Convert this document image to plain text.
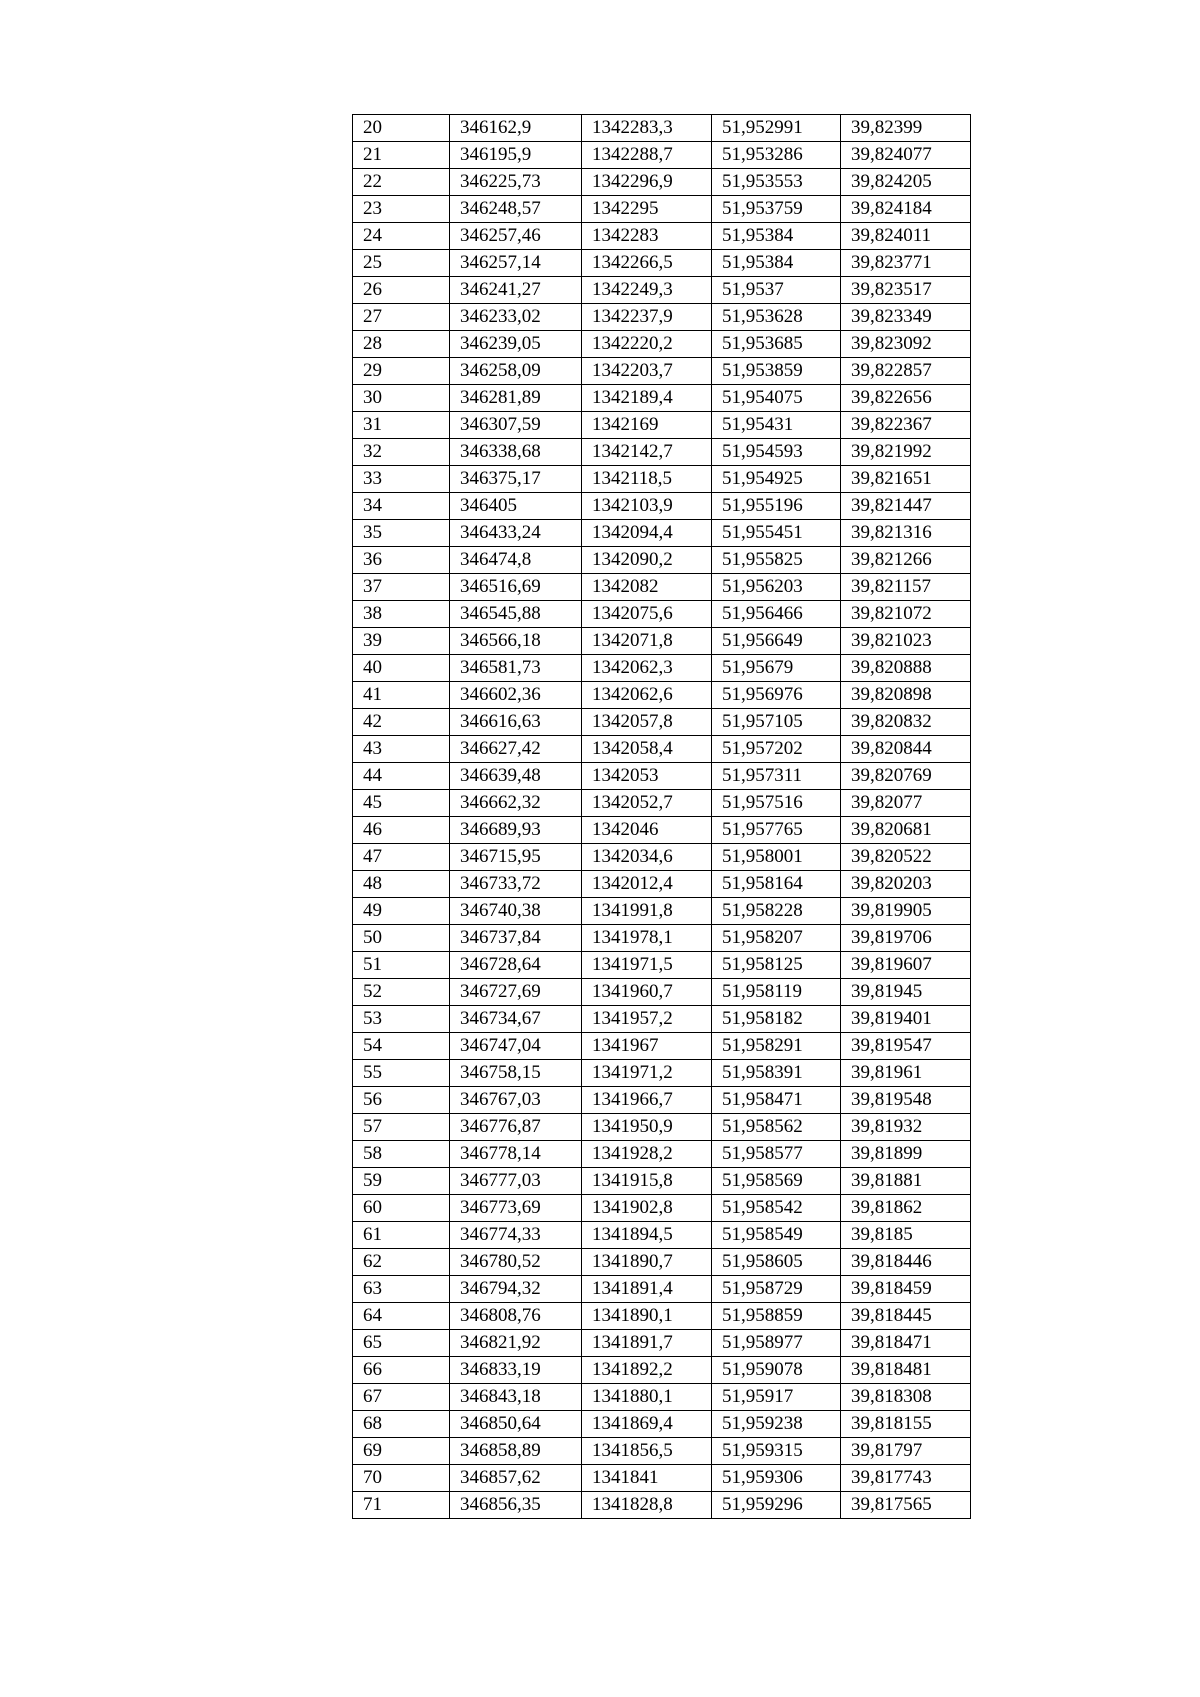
20	346162,9	1342283,3	51,952991	39,82399
21	346195,9	1342288,7	51,953286	39,824077
22	346225,73	1342296,9	51,953553	39,824205
23	346248,57	1342295	51,953759	39,824184
24	346257,46	1342283	51,95384	39,824011
25	346257,14	1342266,5	51,95384	39,823771
26	346241,27	1342249,3	51,9537	39,823517
27	346233,02	1342237,9	51,953628	39,823349
28	346239,05	1342220,2	51,953685	39,823092
29	346258,09	1342203,7	51,953859	39,822857
30	346281,89	1342189,4	51,954075	39,822656
31	346307,59	1342169	51,95431	39,822367
32	346338,68	1342142,7	51,954593	39,821992
33	346375,17	1342118,5	51,954925	39,821651
34	346405	1342103,9	51,955196	39,821447
35	346433,24	1342094,4	51,955451	39,821316
36	346474,8	1342090,2	51,955825	39,821266
37	346516,69	1342082	51,956203	39,821157
38	346545,88	1342075,6	51,956466	39,821072
39	346566,18	1342071,8	51,956649	39,821023
40	346581,73	1342062,3	51,95679	39,820888
41	346602,36	1342062,6	51,956976	39,820898
42	346616,63	1342057,8	51,957105	39,820832
43	346627,42	1342058,4	51,957202	39,820844
44	346639,48	1342053	51,957311	39,820769
45	346662,32	1342052,7	51,957516	39,82077
46	346689,93	1342046	51,957765	39,820681
47	346715,95	1342034,6	51,958001	39,820522
48	346733,72	1342012,4	51,958164	39,820203
49	346740,38	1341991,8	51,958228	39,819905
50	346737,84	1341978,1	51,958207	39,819706
51	346728,64	1341971,5	51,958125	39,819607
52	346727,69	1341960,7	51,958119	39,81945
53	346734,67	1341957,2	51,958182	39,819401
54	346747,04	1341967	51,958291	39,819547
55	346758,15	1341971,2	51,958391	39,81961
56	346767,03	1341966,7	51,958471	39,819548
57	346776,87	1341950,9	51,958562	39,81932
58	346778,14	1341928,2	51,958577	39,81899
59	346777,03	1341915,8	51,958569	39,81881
60	346773,69	1341902,8	51,958542	39,81862
61	346774,33	1341894,5	51,958549	39,8185
62	346780,52	1341890,7	51,958605	39,818446
63	346794,32	1341891,4	51,958729	39,818459
64	346808,76	1341890,1	51,958859	39,818445
65	346821,92	1341891,7	51,958977	39,818471
66	346833,19	1341892,2	51,959078	39,818481
67	346843,18	1341880,1	51,95917	39,818308
68	346850,64	1341869,4	51,959238	39,818155
69	346858,89	1341856,5	51,959315	39,81797
70	346857,62	1341841	51,959306	39,817743
71	346856,35	1341828,8	51,959296	39,817565
